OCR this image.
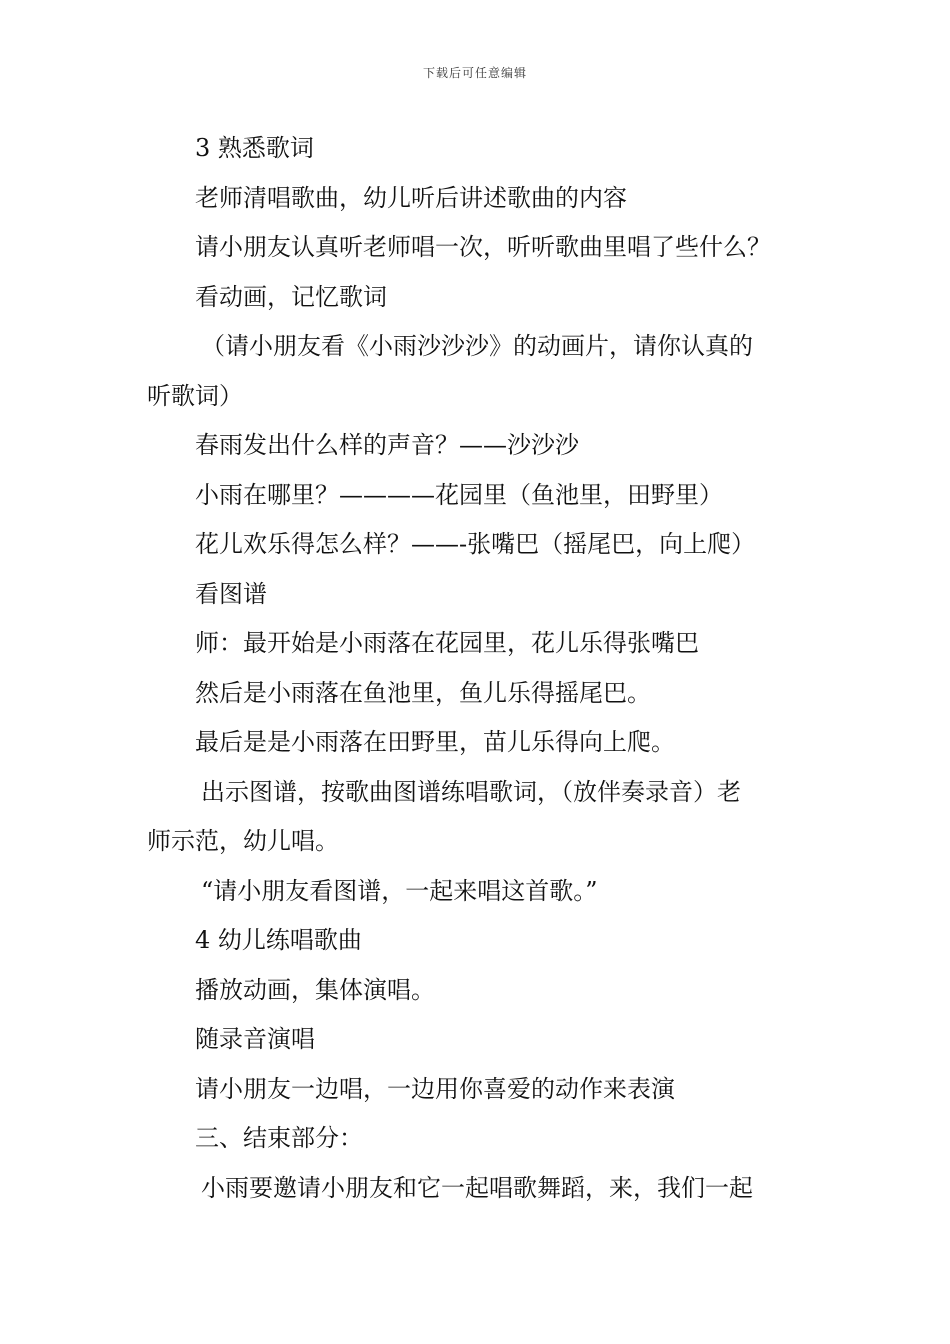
下载后可任意编辑

3 熟悉歌词

老师清唱歌曲，幼儿听后讲述歌曲的内容

请小朋友认真听老师唱一次，听听歌曲里唱了些什么？

看动画，记忆歌词

（请小朋友看《小雨沙沙沙》的动画片，请你认真的

听歌词）

春雨发出什么样的声音？——沙沙沙

小雨在哪里？————花园里（鱼池里，田野里）

花儿欢乐得怎么样？——-张嘴巴（摇尾巴，向上爬）

看图谱

师：最开始是小雨落在花园里，花儿乐得张嘴巴

然后是小雨落在鱼池里，鱼儿乐得摇尾巴。

最后是是小雨落在田野里，苗儿乐得向上爬。

出示图谱，按歌曲图谱练唱歌词，（放伴奏录音）老

师示范，幼儿唱。

“请小朋友看图谱，一起来唱这首歌。”

4 幼儿练唱歌曲

播放动画，集体演唱。

随录音演唱

请小朋友一边唱，一边用你喜爱的动作来表演

三、结束部分：

小雨要邀请小朋友和它一起唱歌舞蹈，来，我们一起
